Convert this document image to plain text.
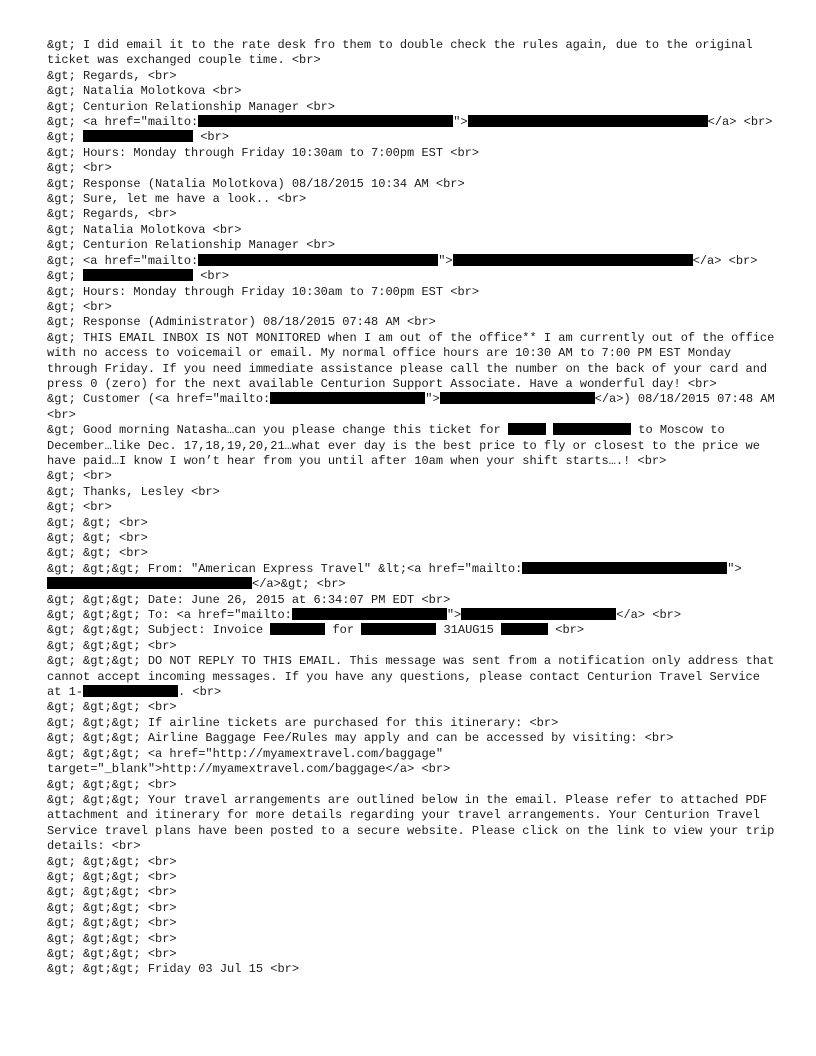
&gt; I did email it to the rate desk fro them to double check the rules again, due to the original ticket was exchanged couple time. <br>
&gt; Regards, <br>
&gt; Natalia Molotkova <br>
&gt; Centurion Relationship Manager <br>
&gt; <a href="mailto:	">	</a> <br>
&gt;	<br>
&gt; Hours: Monday through Friday 10:30am to 7:00pm EST <br>
&gt; <br>
&gt; Response (Natalia Molotkova) 08/18/2015 10:34 AM <br>
&gt; Sure, let me have a look.. <br>
&gt; Regards, <br>
&gt; Natalia Molotkova <br>
&gt; Centurion Relationship Manager <br>
&gt; <a href="mailto:	">	</a> <br>
&gt;	<br>
&gt; Hours: Monday through Friday 10:30am to 7:00pm EST <br>
&gt; <br>
&gt; Response (Administrator) 08/18/2015 07:48 AM <br>
&gt; THIS EMAIL INBOX IS NOT MONITORED when I am out of the office** I am currently out of the office with no access to voicemail or email. My normal office hours are 10:30 AM to 7:00 PM EST Monday through Friday. If you need immediate assistance please call the number on the back of your card and press 0 (zero) for the next available Centurion Support Associate. Have a wonderful day! <br>
&gt; Customer (<a href="mailto:	">	</a>) 08/18/2015 07:48 AM <br>
&gt; Good morning Natasha…can you please change this ticket for	to Moscow to December…like Dec. 17,18,19,20,21…what ever day is the best price to fly or closest to the price we have paid…I know I won’t hear from you until after 10am when your shift starts….! <br>
&gt; <br>
&gt; Thanks, Lesley <br>
&gt; <br>
&gt; &gt; <br>
&gt; &gt; <br>
&gt; &gt; <br>
&gt; &gt;&gt; From: "American Express Travel" &lt;<a href="mailto:	"></a>&gt; <br>
&gt; &gt;&gt; Date: June 26, 2015 at 6:34:07 PM EDT <br>
&gt; &gt;&gt; To: <a href="mailto:	">	</a> <br>
&gt; &gt;&gt; Subject: Invoice	for	31AUG15	<br>
&gt; &gt;&gt; <br>
&gt; &gt;&gt; DO NOT REPLY TO THIS EMAIL. This message was sent from a notification only address that cannot accept incoming messages. If you have any questions, please contact Centurion Travel Service at 1-	. <br>
&gt; &gt;&gt; <br>
&gt; &gt;&gt; If airline tickets are purchased for this itinerary: <br>
&gt; &gt;&gt; Airline Baggage Fee/Rules may apply and can be accessed by visiting: <br>
&gt; &gt;&gt; <a href="http://myamextravel.com/baggage" target="_blank">http://myamextravel.com/baggage</a> <br>
&gt; &gt;&gt; <br>
&gt; &gt;&gt; Your travel arrangements are outlined below in the email. Please refer to attached PDF attachment and itinerary for more details regarding your travel arrangements. Your Centurion Travel Service travel plans have been posted to a secure website. Please click on the link to view your trip details: <br>
&gt; &gt;&gt; <br>
&gt; &gt;&gt; <br>
&gt; &gt;&gt; <br>
&gt; &gt;&gt; <br>
&gt; &gt;&gt; <br>
&gt; &gt;&gt; <br>
&gt; &gt;&gt; <br>
&gt; &gt;&gt; Friday 03 Jul 15 <br>
